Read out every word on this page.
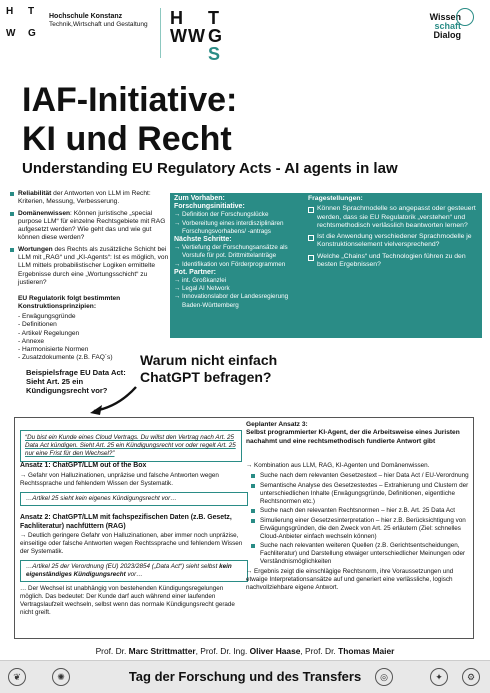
H T
W G
Hochschule Konstanz
Technik,Wirtschaft und Gestaltung H T
W W G
S
Wissen
schaft
Dialog
IAF-Initiative:
KI und Recht
Understanding EU Regulatory Acts - AI agents in law
Reliabilität der Antworten von LLM im Recht: Kriterien, Messung, Verbesserung.
Domänenwissen: Können juristische „special purpose LLM“ für einzelne Rechtsgebiete mit RAG aufgesetzt werden? Wie geht das und wie gut können diese werden?
Wortungen des Rechts als zusätzliche Schicht bei LLM mit „RAG“ und „KI-Agents“: Ist es möglich, von LLM mittels probabilistischer Logiken ermittelte Ergebnisse durch eine „Wortungsschicht“ zu justieren?
EU Regulatorik folgt bestimmten Konstruktionsprinzipien:
- Erwägungsgründe
- Definitionen
- Artikel/ Regelungen
- Annexe
- Harmonisierte Normen
- Zusatzdokumente (z.B. FAQ´s)
Zum Vorhaben:
Forschungsinitiative:
→ Definition der Forschungslücke
→ Vorbereitung eines interdisziplinären Forschungsvorhabens/ -antrags
Nächste Schritte:
→ Vertiefung der Forschungsansätze als Vorstufe für pot. Drittmittelanträge
→ Identifikation von Förderprogrammen
Pot. Partner:
→ int. Großkanzlei
→ Legal AI Network
→ Innovationslabor der Landesregierung Baden-Württemberg
Fragestellungen:
Können Sprachmodelle so angepasst oder gesteuert werden, dass sie EU Regulatorik „verstehen“ und rechtsmethodisch verlässlich beantworten lernen?
Ist die Anwendung verschiedener Sprachmodelle je Konstruktionselement vielversprechend?
Welche „Chains“ und Technologien führen zu den besten Ergebnissen?
Warum nicht einfach
ChatGPT befragen?
Beispielsfrage EU Data Act:
Sieht Art. 25 ein
Kündigungsrecht vor?
“Du bist ein Kunde eines Cloud Vertrags. Du willst den Vertrag nach Art. 25 Data Act kündigen. Sieht Art. 25 ein Kündigungsrecht vor oder regelt Art. 25 nur eine Frist für den Wechsel?”
Ansatz 1: ChatGPT/LLM out of the Box
→ Gefahr von Halluzinationen, unpräzise und falsche Antworten wegen Rechtssprache und fehlendem Wissen der Systematik.
…Artikel 25 sieht kein eigenes Kündigungsrecht vor…
Ansatz 2: ChatGPT/LLM mit fachspezifischen Daten (z.B. Gesetz, Fachliteratur) nachfüttern (RAG)
→ Deutlich geringere Gefahr von Halluzinationen, aber immer noch unpräzise, einseitige oder falsche Antworten wegen Rechtssprache und fehlendem Wissen der Systematik.
…Artikel 25 der Verordnung (EU) 2023/2854 („Data Act“) sieht selbst kein eigenständiges Kündigungsrecht vor…
… Der Wechsel ist unabhängig von bestehenden Kündigungsregelungen möglich. Das bedeutet: Der Kunde darf auch während einer laufenden Vertragslaufzeit wechseln, selbst wenn das normale Kündigungsrecht gerade nicht greift.
Geplanter Ansatz 3:
Selbst programmierter KI-Agent, der die Arbeitsweise eines Juristen nachahmt und eine rechtsmethodisch fundierte Antwort gibt
→ Kombination aus LLM, RAG, KI-Agenten und Domänenwissen.
Suche nach dem relevanten Gesetzestext – hier Data Act / EU-Verordnung
Semantische Analyse des Gesetzestextes – Extrahierung und Clustern der unterschiedlichen Inhalte (Erwägungsgründe, Definitionen, eigentliche Rechtsnormen etc.)
Suche nach den relevanten Rechtsnormen – hier z.B. Art. 25 Data Act
Simulierung einer Gesetzesinterpretation – hier z.B. Berücksichtigung von Erwägungsgründen, die den Zweck von Art. 25 erläutern (Ziel: schnelles Cloud-Anbieter einfach wechseln können)
Suche nach relevanten weiteren Quellen (z.B. Gerichtsentscheidungen, Fachliteratur) und Darstellung etwaiger unterschiedlicher Meinungen oder Verständnismöglichkeiten
→ Ergebnis zeigt die einschlägige Rechtsnorm, ihre Voraussetzungen und etwaige Interpretationsansätze auf und generiert eine verlässliche, logisch nachvollziehbare eigene Antwort.
Prof. Dr. Marc Strittmatter, Prof. Dr. Ing. Oliver Haase, Prof. Dr. Thomas Maier
❦	✺	◎	✦	⚙
Tag der Forschung und des Transfers
